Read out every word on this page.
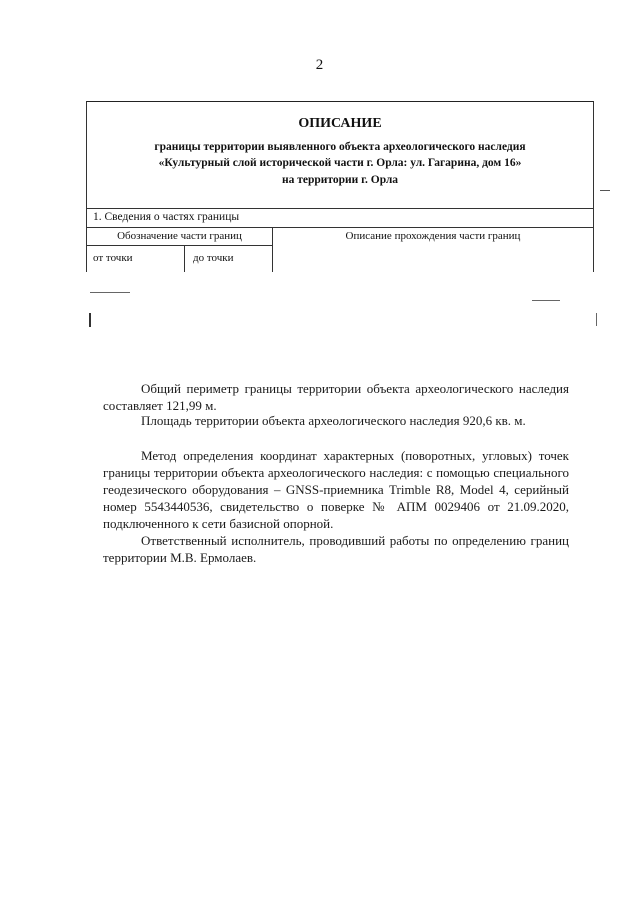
2
ОПИСАНИЕ
границы территории выявленного объекта археологического наследия
«Культурный слой исторической части г. Орла: ул. Гагарина, дом 16»
на территории г. Орла
1. Сведения о частях границы
Обозначение части границ	Описание прохождения части границ
от точки	до точки
Общий периметр границы территории объекта археологического наследия составляет 121,99 м.
Площадь территории объекта археологического наследия 920,6 кв. м.
Метод определения координат характерных (поворотных, угловых) точек границы территории объекта археологического наследия: с помощью специального геодезического оборудования – GNSS-приемника Trimble R8, Model 4, серийный номер 5543440536, свидетельство о поверке № АПМ 0029406 от 21.09.2020, подключенного к сети базисной опорной.
Ответственный исполнитель, проводивший работы по определению границ территории М.В. Ермолаев.
